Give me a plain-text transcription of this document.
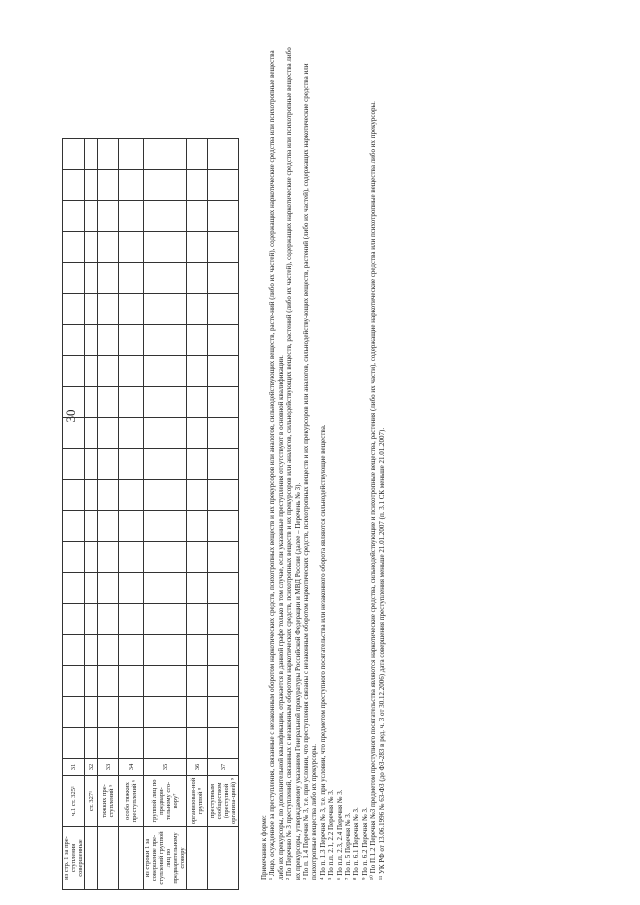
30
из стр. 1 за пре-ступления совершенные	ч.1 ст. 325¹	31																				
	ст. 327¹	32																				
	тяжких пре-ступлений ⁵	33																				
	особо тяжких преступлений ⁶	34																				
из строки 1 за совершение пре-ступлений группой лиц по предварительному сговору	группой лиц по предвари-тельному сго-вору⁷	35																				
	организован-ной группой ⁸	36																				
	преступным сообществом (преступной организа-цией) ⁹	37																				

Примечания к форме: ¹ Лицо, осужденное за преступления, связанные с незаконным оборотом наркотических средств, психотропных веществ и их прекурсоров или аналогов, сильнодействующих веществ, расте-ний (либо их частей), содержащих наркотические средства или психотропные вещества либо их прекурсоры, по дополнительной квалификации, отражается в данной графе только в том случае, если указанные преступления отсутствуют в основной квалификации. ² По Перечню № 3 преступлений, связанных с незаконным оборотом наркотических средств, психотропных веществ и их прекурсоров или аналогов, сильнодействующих веществ, растений (либо их частей), содержащих наркотические средства или психотропные вещества либо их прекурсоры, утверждаемому указанием Генеральной прокуратуры Российской Федерации и МВД России (далее – Перечень № 3). ³ По п. 1.4 Перечня № 3, т.е. при условии, что преступления связаны с незаконным оборотом наркотических средств, психотропных веществ и их прекурсоров или аналогов, сильнодейству-ющих веществ, растений (либо их частей), содержащих наркотические средства или психотропные вещества либо их прекурсоры. ⁴ По п. 1.3 Перечня № 3, т.е. при условии, что предметом преступного посягательства или незаконного оборота являются сильнодействующие вещества. ⁵ По п.п. 2.1, 2.2 Перечня № 3. ⁶ По п.п. 2.3, 2.4 Перечня № 3. ⁷ По п. 5 Перечня № 3. ⁸ По п. 6.1 Перечня № 3. ⁹ По п. 6.2 Перечня № 3. ¹⁰ По П.1.2 Перечня №3 предметом преступного посягательства являются наркотические средства, сильнодействующие и психотропные вещества, растения (либо их части), содержащие наркотические средства или психотропные вещества либо их прекурсоры. ¹¹ УК РФ от 13.06.1996 № 63-ФЗ (до ФЗ-283 в ред. ч. 3 от 30.12.2006) дата совершения преступления меньше 21.01.2007 (п. 3.1 СК меньше 21.01.2007).
